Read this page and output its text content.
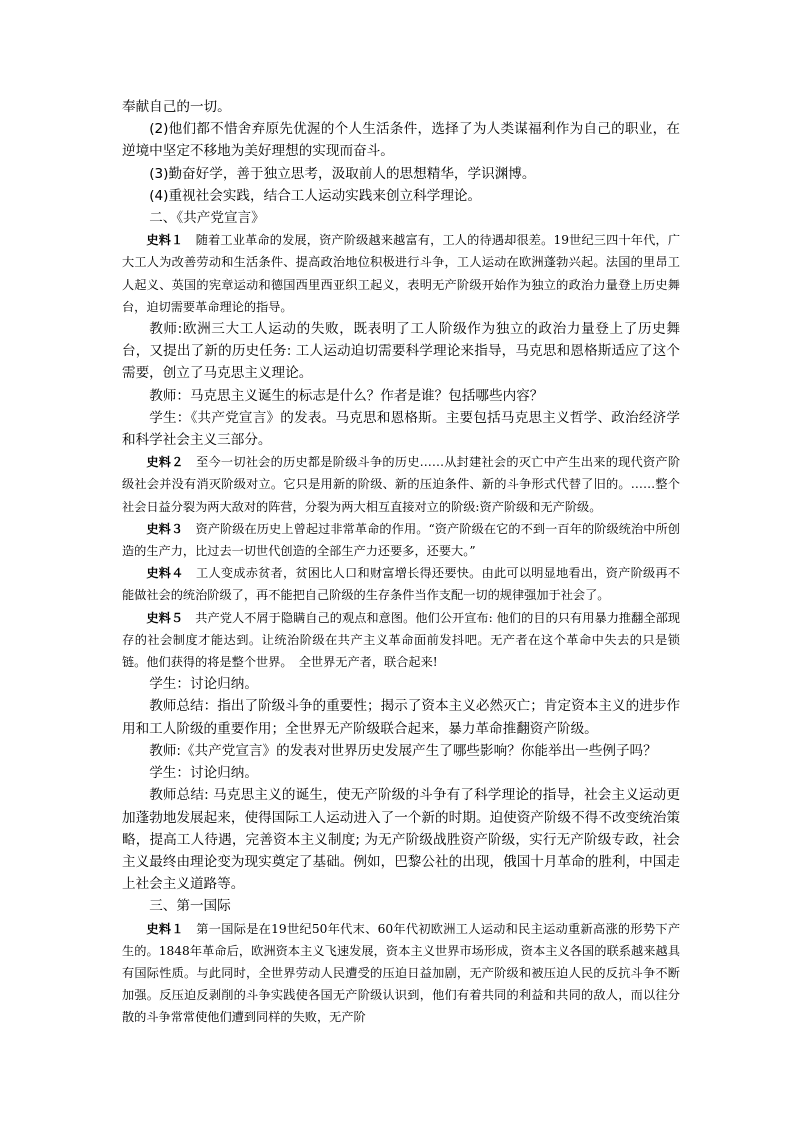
奉献自己的一切。

(2)他们都不惜舍弃原先优渥的个人生活条件，选择了为人类谋福利作为自己的职业，在逆境中坚定不移地为美好理想的实现而奋斗。

(3)勤奋好学，善于独立思考，汲取前人的思想精华，学识渊博。

(4)重视社会实践，结合工人运动实践来创立科学理论。

二、《共产党宣言》

史料１　随着工业革命的发展，资产阶级越来越富有，工人的待遇却很差。19世纪三四十年代，广大工人为改善劳动和生活条件、提高政治地位积极进行斗争，工人运动在欧洲蓬勃兴起。法国的里昂工人起义、英国的宪章运动和德国西里西亚织工起义，表明无产阶级开始作为独立的政治力量登上历史舞台，迫切需要革命理论的指导。

教师:欧洲三大工人运动的失败，既表明了工人阶级作为独立的政治力量登上了历史舞台，又提出了新的历史任务: 工人运动迫切需要科学理论来指导，马克思和恩格斯适应了这个需要，创立了马克思主义理论。

教师：马克思主义诞生的标志是什么？作者是谁？包括哪些内容？

学生：《共产党宣言》的发表。马克思和恩格斯。主要包括马克思主义哲学、政治经济学和科学社会主义三部分。

史料２　至今一切社会的历史都是阶级斗争的历史……从封建社会的灭亡中产生出来的现代资产阶级社会并没有消灭阶级对立。它只是用新的阶级、新的压迫条件、新的斗争形式代替了旧的。……整个社会日益分裂为两大敌对的阵营，分裂为两大相互直接对立的阶级:资产阶级和无产阶级。

史料３　资产阶级在历史上曾起过非常革命的作用。“资产阶级在它的不到一百年的阶级统治中所创造的生产力，比过去一切世代创造的全部生产力还要多，还要大。”

史料４　工人变成赤贫者，贫困比人口和财富增长得还要快。由此可以明显地看出，资产阶级再不能做社会的统治阶级了，再不能把自己阶级的生存条件当作支配一切的规律强加于社会了。

史料５　共产党人不屑于隐瞒自己的观点和意图。他们公开宣布: 他们的目的只有用暴力推翻全部现存的社会制度才能达到。让统治阶级在共产主义革命面前发抖吧。无产者在这个革命中失去的只是锁链。他们获得的将是整个世界。　全世界无产者，联合起来!

学生：讨论归纳。

教师总结：指出了阶级斗争的重要性；揭示了资本主义必然灭亡；肯定资本主义的进步作用和工人阶级的重要作用；全世界无产阶级联合起来，暴力革命推翻资产阶级。

教师:《共产党宣言》的发表对世界历史发展产生了哪些影响？你能举出一些例子吗？

学生：讨论归纳。

教师总结: 马克思主义的诞生，使无产阶级的斗争有了科学理论的指导，社会主义运动更加蓬勃地发展起来，使得国际工人运动进入了一个新的时期。迫使资产阶级不得不改变统治策略，提高工人待遇，完善资本主义制度; 为无产阶级战胜资产阶级，实行无产阶级专政，社会主义最终由理论变为现实奠定了基础。例如，巴黎公社的出现，俄国十月革命的胜利，中国走上社会主义道路等。

三、第一国际

史料１　第一国际是在19世纪50年代末、60年代初欧洲工人运动和民主运动重新高涨的形势下产生的。1848年革命后，欧洲资本主义飞速发展，资本主义世界市场形成，资本主义各国的联系越来越具有国际性质。与此同时，全世界劳动人民遭受的压迫日益加剧，无产阶级和被压迫人民的反抗斗争不断加强。反压迫反剥削的斗争实践使各国无产阶级认识到，他们有着共同的利益和共同的敌人，而以往分散的斗争常常使他们遭到同样的失败，无产阶
